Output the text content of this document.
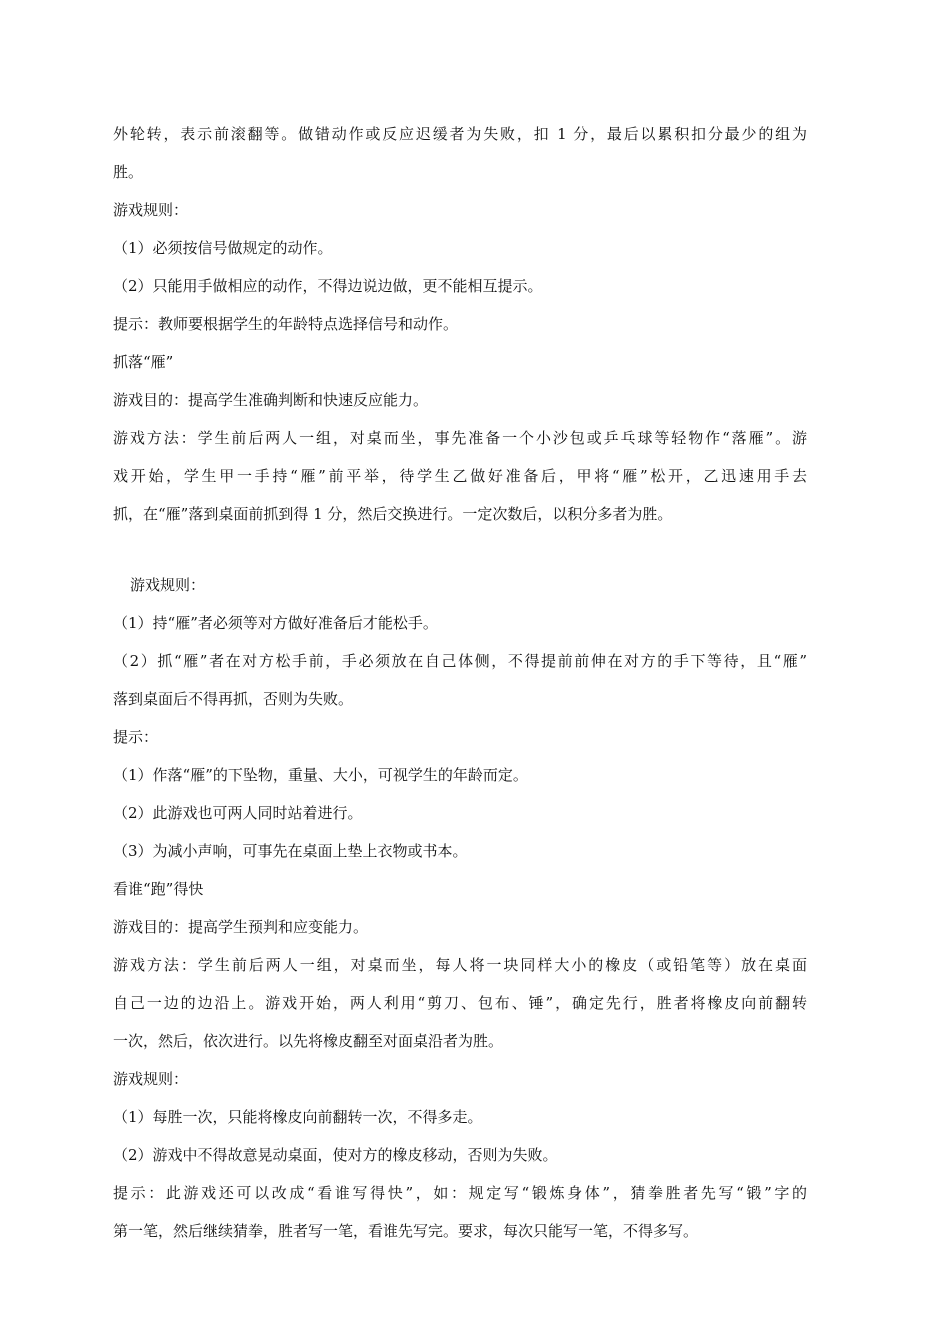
外轮转，表示前滚翻等。做错动作或反应迟缓者为失败，扣 1 分，最后以累积扣分最少的组为
胜。
游戏规则：
（1）必须按信号做规定的动作。
（2）只能用手做相应的动作，不得边说边做，更不能相互提示。
提示：教师要根据学生的年龄特点选择信号和动作。
抓落“雁”
游戏目的：提高学生准确判断和快速反应能力。
游戏方法：学生前后两人一组，对桌而坐，事先准备一个小沙包或乒乓球等轻物作“落雁”。游
戏开始，学生甲一手持“雁”前平举，待学生乙做好准备后，甲将“雁”松开，乙迅速用手去
抓，在“雁”落到桌面前抓到得 1 分，然后交换进行。一定次数后，以积分多者为胜。
游戏规则：
（1）持“雁”者必须等对方做好准备后才能松手。
（2）抓“雁”者在对方松手前，手必须放在自己体侧，不得提前前伸在对方的手下等待，且“雁”
落到桌面后不得再抓，否则为失败。
提示：
（1）作落“雁”的下坠物，重量、大小，可视学生的年龄而定。
（2）此游戏也可两人同时站着进行。
（3）为减小声响，可事先在桌面上垫上衣物或书本。
看谁“跑”得快
游戏目的：提高学生预判和应变能力。
游戏方法：学生前后两人一组，对桌而坐，每人将一块同样大小的橡皮（或铅笔等）放在桌面
自己一边的边沿上。游戏开始，两人利用“剪刀、包布、锤”，确定先行，胜者将橡皮向前翻转
一次，然后，依次进行。以先将橡皮翻至对面桌沿者为胜。
游戏规则：
（1）每胜一次，只能将橡皮向前翻转一次，不得多走。
（2）游戏中不得故意晃动桌面，使对方的橡皮移动，否则为失败。
提示：此游戏还可以改成“看谁写得快”，如：规定写“锻炼身体”，猜拳胜者先写“锻”字的
第一笔，然后继续猜拳，胜者写一笔，看谁先写完。要求，每次只能写一笔，不得多写。
